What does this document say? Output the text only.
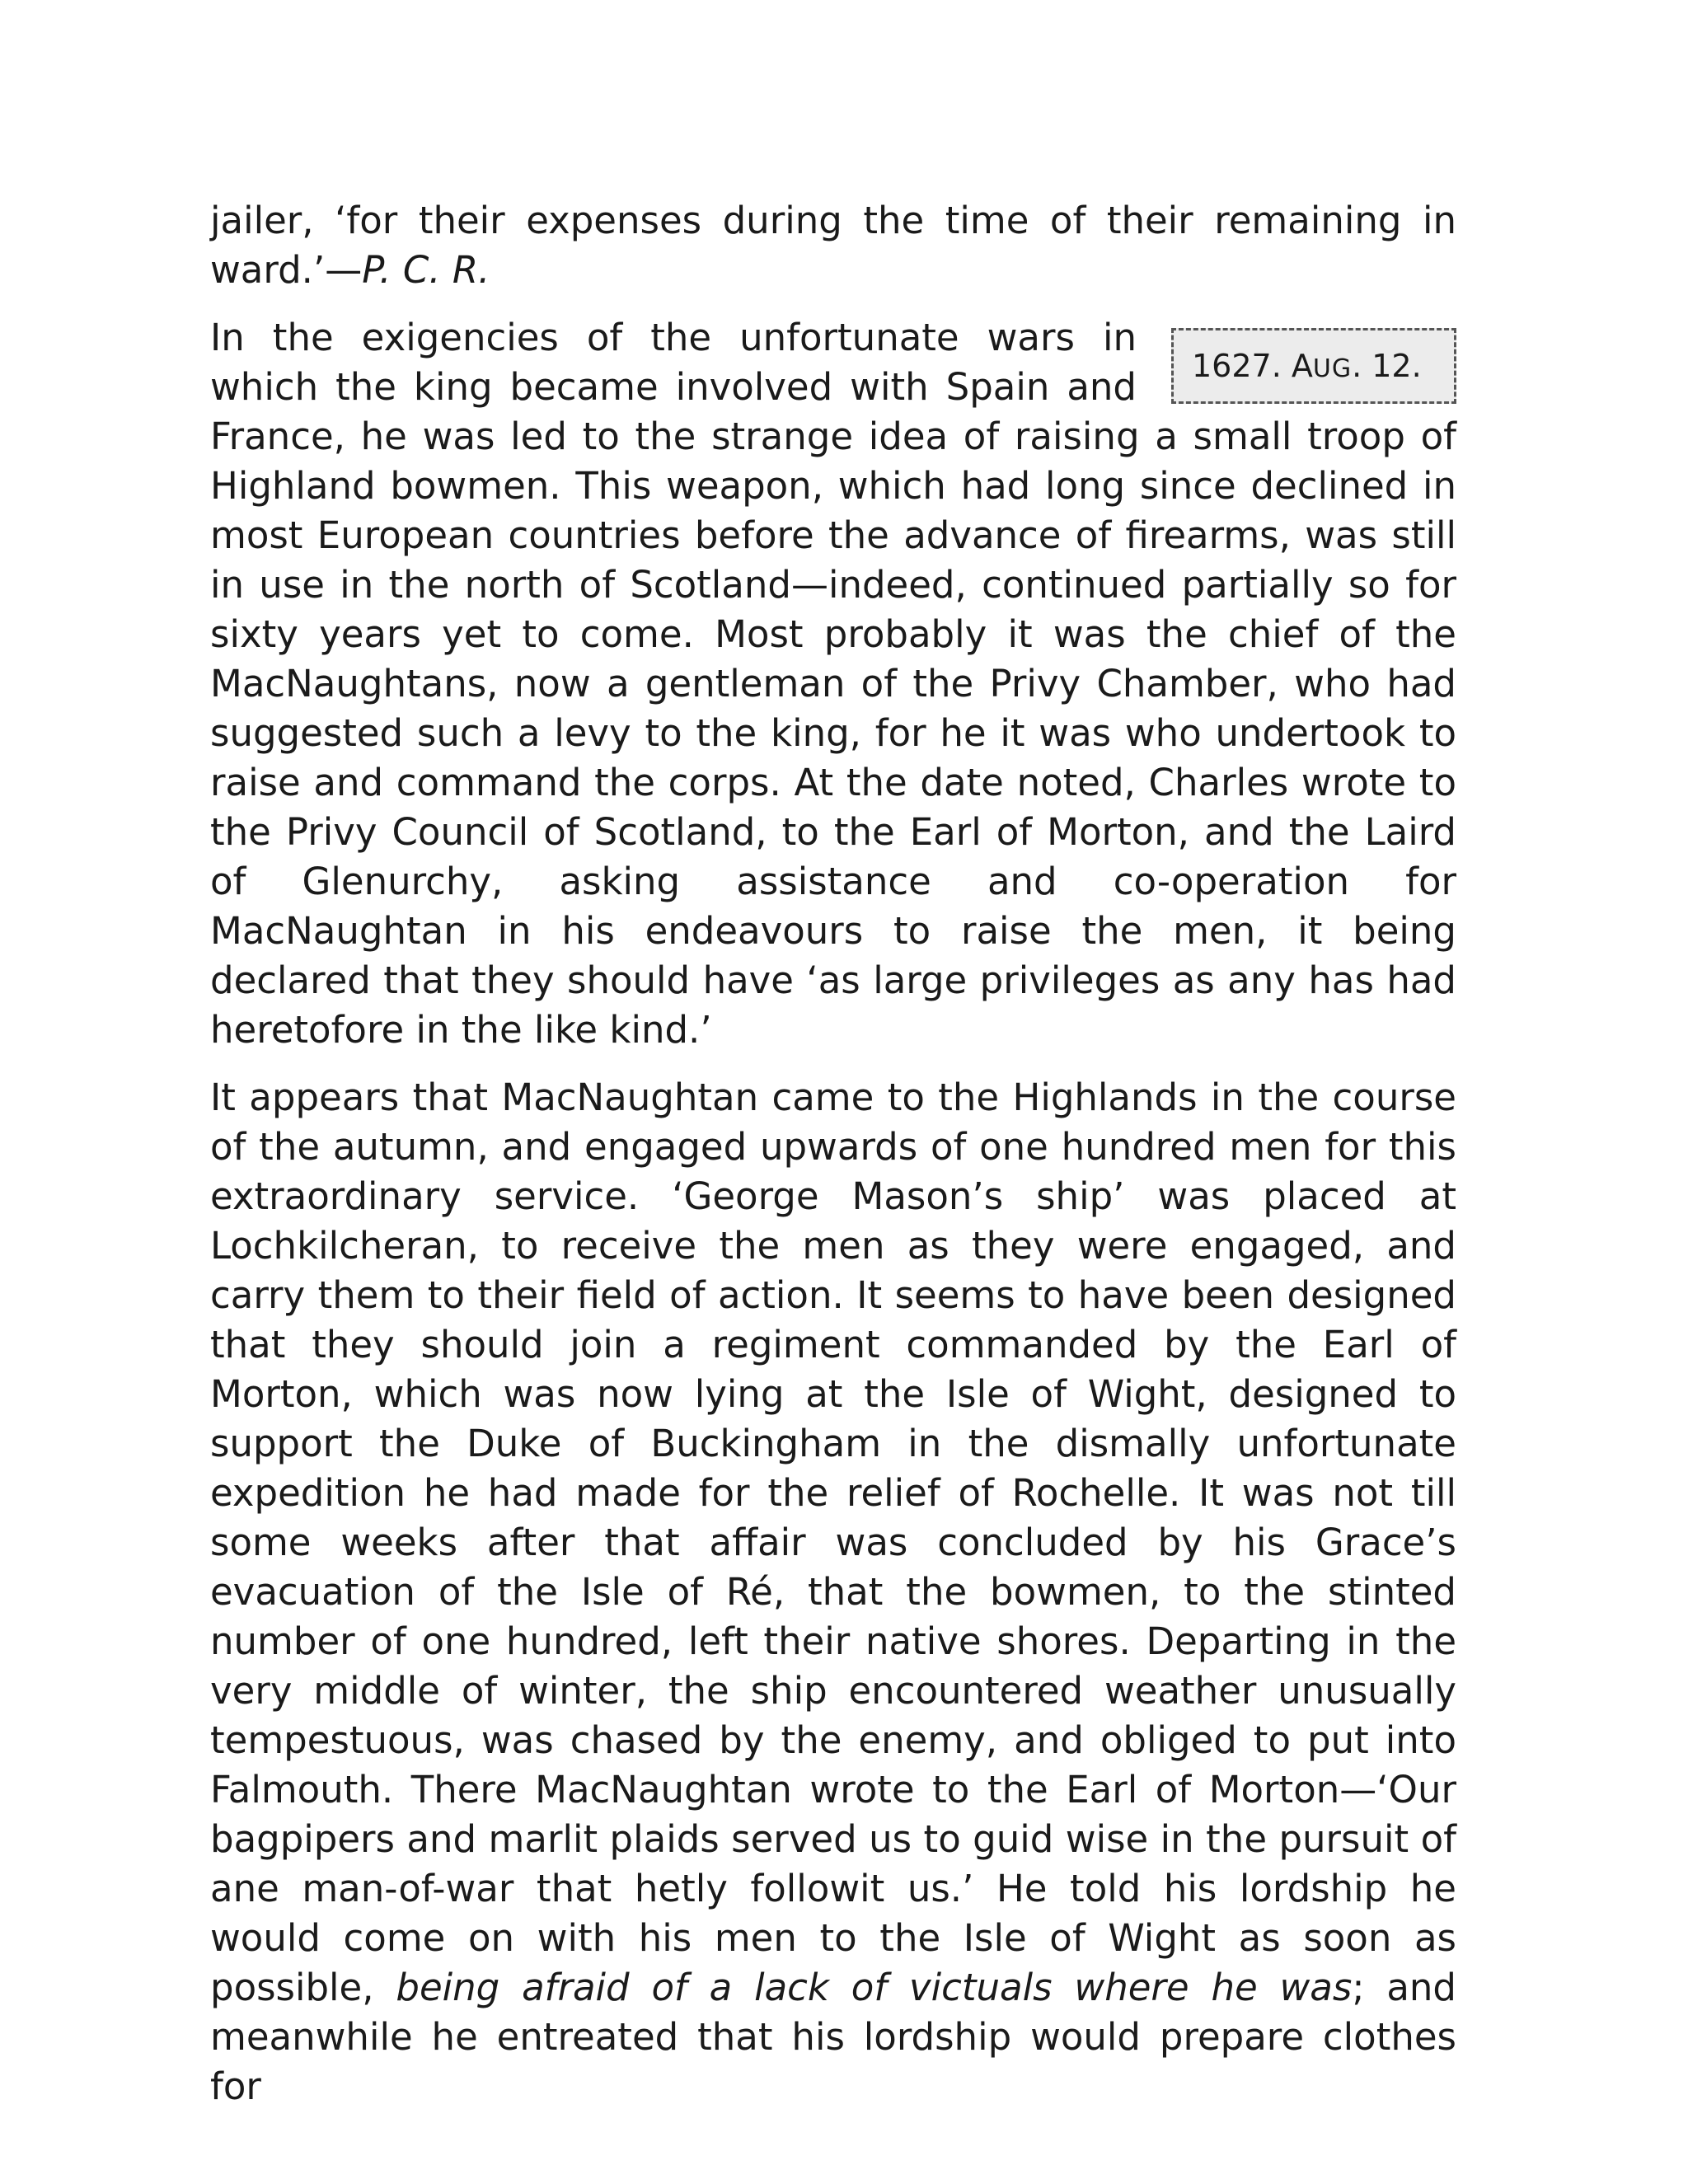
jailer, ‘for their expenses during the time of their remaining in ward.’—P. C. R.

1627. AUG. 12.

In the exigencies of the unfortunate wars in which the king became involved with Spain and France, he was led to the strange idea of raising a small troop of Highland bowmen. This weapon, which had long since declined in most European countries before the advance of firearms, was still in use in the north of Scotland—indeed, continued partially so for sixty years yet to come. Most probably it was the chief of the MacNaughtans, now a gentleman of the Privy Chamber, who had suggested such a levy to the king, for he it was who undertook to raise and command the corps. At the date noted, Charles wrote to the Privy Council of Scotland, to the Earl of Morton, and the Laird of Glenurchy, asking assistance and co-operation for MacNaughtan in his endeavours to raise the men, it being declared that they should have ‘as large privileges as any has had heretofore in the like kind.’

It appears that MacNaughtan came to the Highlands in the course of the autumn, and engaged upwards of one hundred men for this extraordinary service. ‘George Mason’s ship’ was placed at Lochkilcheran, to receive the men as they were engaged, and carry them to their field of action. It seems to have been designed that they should join a regiment commanded by the Earl of Morton, which was now lying at the Isle of Wight, designed to support the Duke of Buckingham in the dismally unfortunate expedition he had made for the relief of Rochelle. It was not till some weeks after that affair was concluded by his Grace’s evacuation of the Isle of Ré, that the bowmen, to the stinted number of one hundred, left their native shores. Departing in the very middle of winter, the ship encountered weather unusually tempestuous, was chased by the enemy, and obliged to put into Falmouth. There MacNaughtan wrote to the Earl of Morton—‘Our bagpipers and marlit plaids served us to guid wise in the pursuit of ane man-of-war that hetly followit us.’ He told his lordship he would come on with his men to the Isle of Wight as soon as possible, being afraid of a lack of victuals where he was; and meanwhile he entreated that his lordship would prepare clothes for
